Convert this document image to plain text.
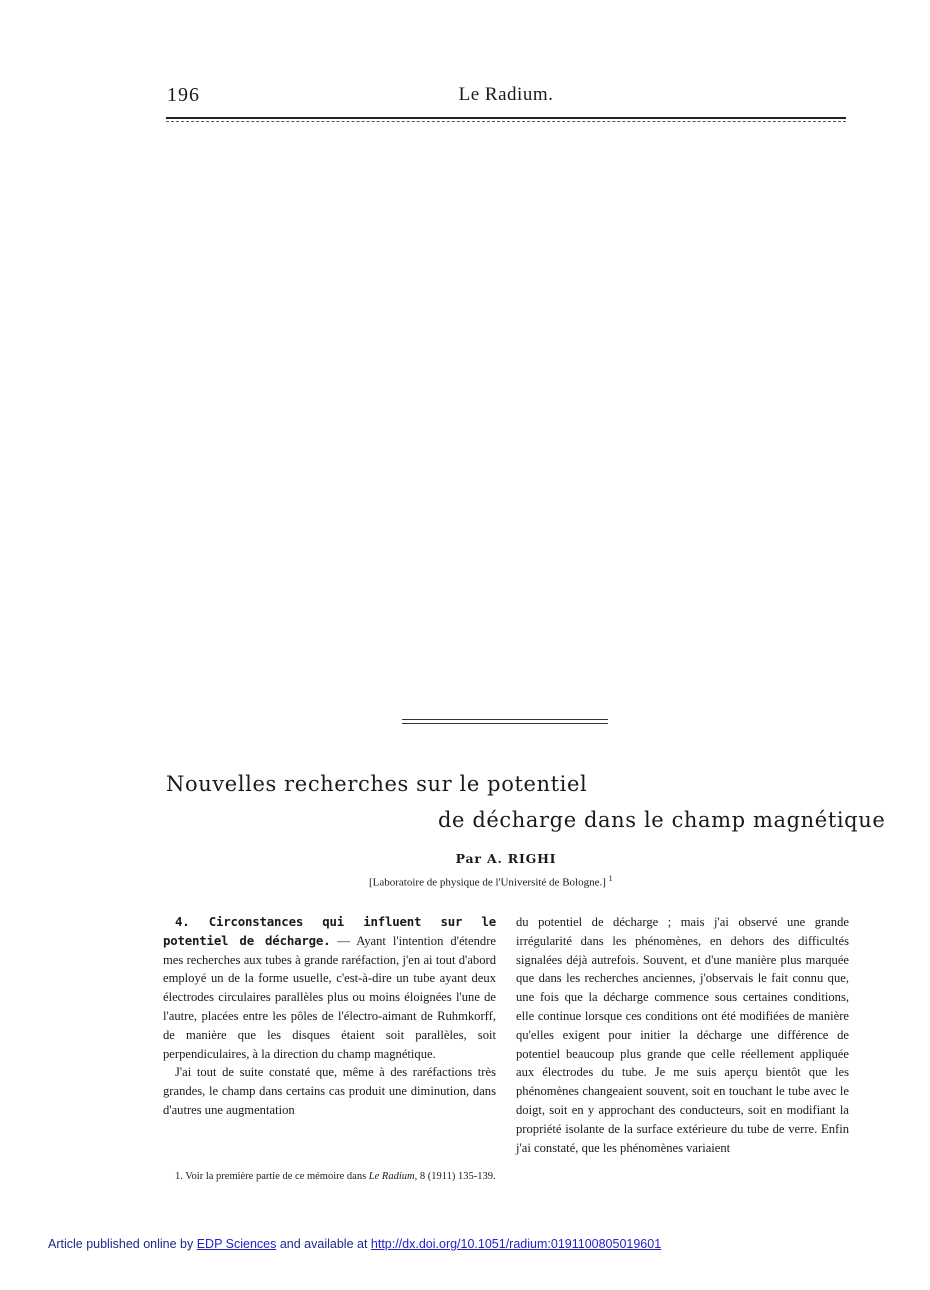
196	Le Radium.
Nouvelles recherches sur le potentiel
de décharge dans le champ magnétique
Par A. RIGHI
[Laboratoire de physique de l'Université de Bologne.] $^1$

4. Circonstances qui influent sur le potentiel de décharge. — Ayant l'intention d'étendre mes recherches aux tubes à grande raréfaction, j'en ai tout d'abord employé un de la forme usuelle, c'est-à-dire un tube ayant deux électrodes circulaires parallèles plus ou moins éloignées l'une de l'autre, placées entre les pôles de l'électro-aimant de Ruhmkorff, de manière que les disques étaient soit parallèles, soit perpendiculaires, à la direction du champ magnétique.

J'ai tout de suite constaté que, même à des raréfactions très grandes, le champ dans certains cas produit une diminution, dans d'autres une augmentation

du potentiel de décharge ; mais j'ai observé une grande irrégularité dans les phénomènes, en dehors des difficultés signalées déjà autrefois. Souvent, et d'une manière plus marquée que dans les recherches anciennes, j'observais le fait connu que, une fois que la décharge commence sous certaines conditions, elle continue lorsque ces conditions ont été modifiées de manière qu'elles exigent pour initier la décharge une différence de potentiel beaucoup plus grande que celle réellement appliquée aux électrodes du tube. Je me suis aperçu bientôt que les phénomènes changeaient souvent, soit en touchant le tube avec le doigt, soit en y approchant des conducteurs, soit en modifiant la propriété isolante de la surface extérieure du tube de verre. Enfin j'ai constaté, que les phénomènes variaient

1. Voir la première partie de ce mémoire dans Le Radium, 8 (1911) 135-139.
Article published online by EDP Sciences and available at http://dx.doi.org/10.1051/radium:0191100805019601
